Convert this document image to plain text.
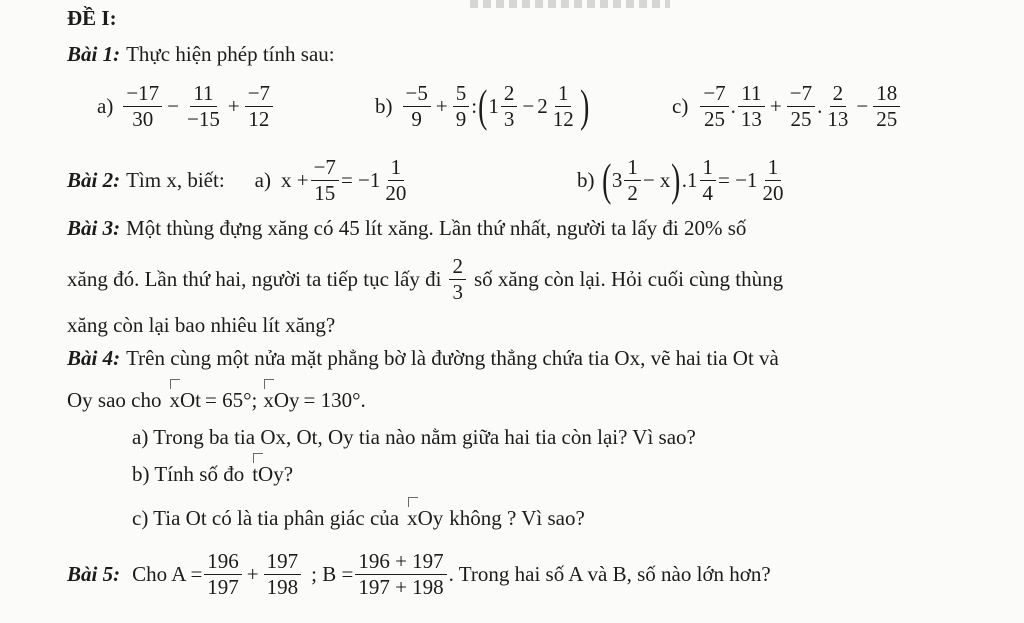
ĐỀ I:
Bài 1: Thực hiện phép tính sau:
$a) \frac{-17}{30} - \frac{11}{-15} + \frac{-7}{12}$	$b) \frac{-5}{9} + \frac{5}{9}$ : ( $1 \frac{2}{3} - 2 \frac{1}{12}$ )	$c) \frac{-7}{25}$ . $\frac{11}{13} + \frac{-7}{25}$ . $\frac{2}{13} - \frac{18}{25}$
Bài 2: Tìm x, biết: a) $x + \frac{-7}{15} = -1 \frac{1}{20}$	b) ( $3 \frac{1}{2} - x$ ) $.1 \frac{1}{4} = -1 \frac{1}{20}$
Bài 3: Một thùng đựng xăng có 45 lít xăng. Lần thứ nhất, người ta lấy đi 20% số
xăng đó. Lần thứ hai, người ta tiếp tục lấy đi $\frac{2}{3}$ số xăng còn lại. Hỏi cuối cùng thùng
xăng còn lại bao nhiêu lít xăng?
Bài 4: Trên cùng một nửa mặt phẳng bờ là đường thẳng chứa tia Ox, vẽ hai tia Ot và
Oy sao cho xOt = 65°; xOy = 130°.
a) Trong ba tia Ox, Ot, Oy tia nào nằm giữa hai tia còn lại? Vì sao?
b) Tính số đo tOy ?
c) Tia Ot có là tia phân giác của xOy không ? Vì sao?
Bài 5: Cho $A = \frac{196}{197} + \frac{197}{198}$ ; $B = \frac{196 + 197}{197 + 198}$ . Trong hai số A và B, số nào lớn hơn?
